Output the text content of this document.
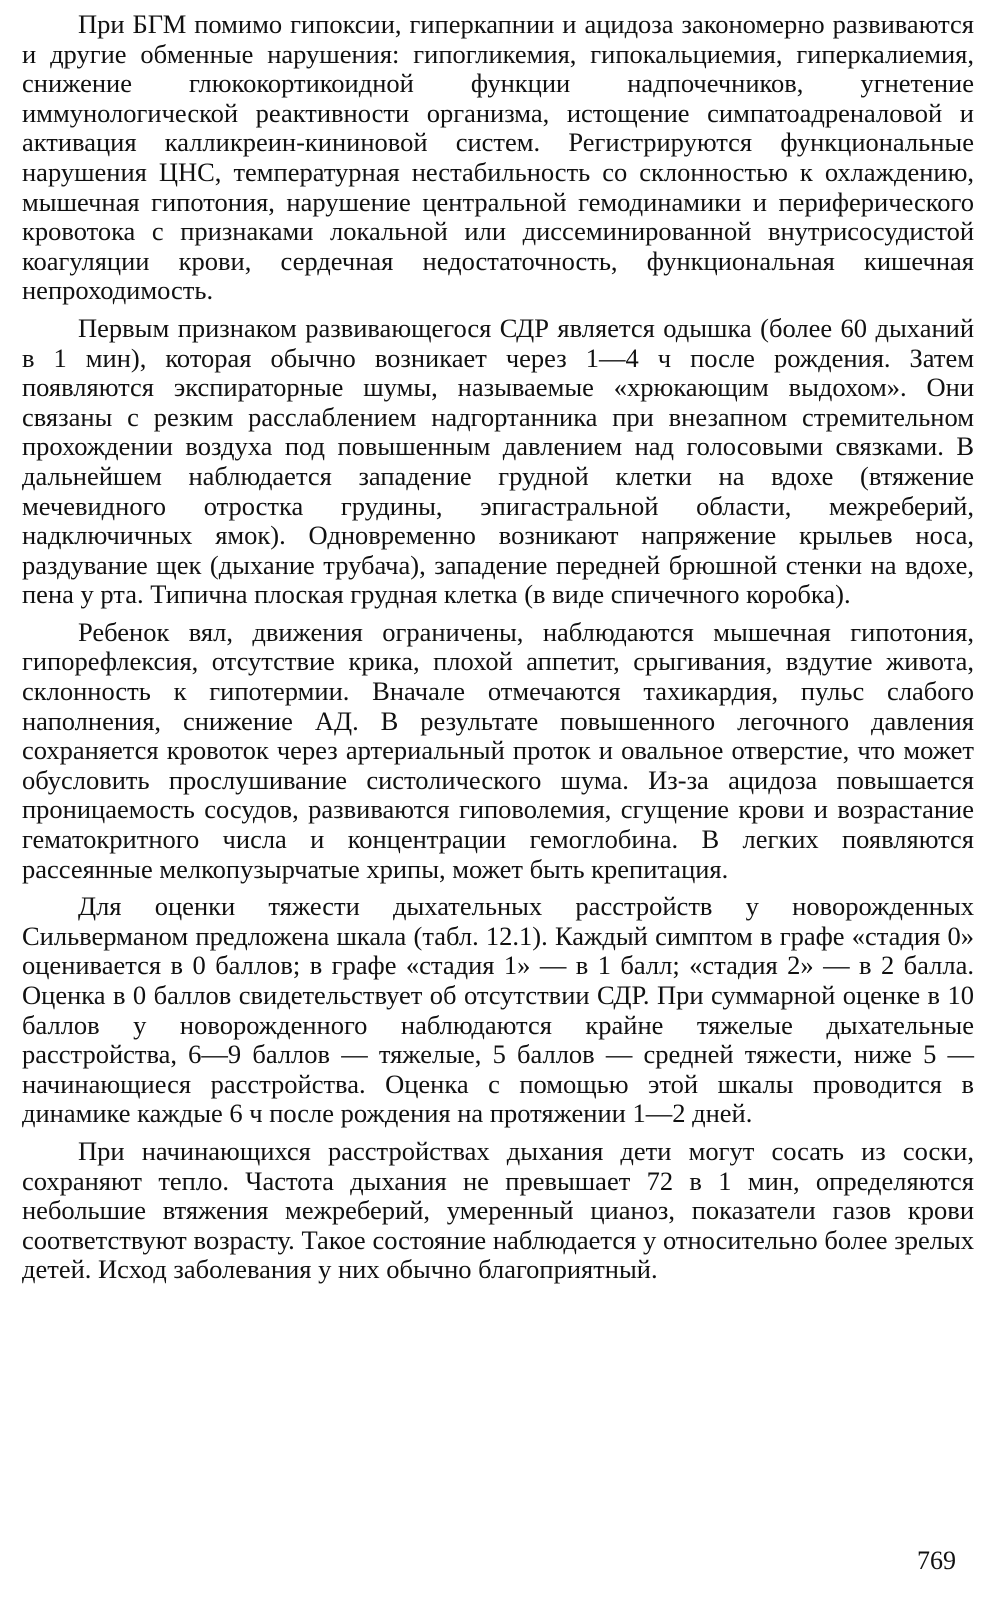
При БГМ помимо гипоксии, гиперкапнии и ацидоза закономерно развиваются и другие обменные нарушения: гипогликемия, гипокальциемия, гиперкалиемия, снижение глюкокортикоидной функции надпочечников, угнетение иммунологической реактивности организма, истощение симпатоадреналовой и активация калликреин-кининовой систем. Регистрируются функциональные нарушения ЦНС, температурная нестабильность со склонностью к охлаждению, мышечная гипотония, нарушение центральной гемодинамики и периферического кровотока с признаками локальной или диссеминированной внутрисосудистой коагуляции крови, сердечная недостаточность, функциональная кишечная непроходимость.

Первым признаком развивающегося СДР является одышка (более 60 дыханий в 1 мин), которая обычно возникает через 1—4 ч после рождения. Затем появляются экспираторные шумы, называемые «хрюкающим выдохом». Они связаны с резким расслаблением надгортанника при внезапном стремительном прохождении воздуха под повышенным давлением над голосовыми связками. В дальнейшем наблюдается западение грудной клетки на вдохе (втяжение мечевидного отростка грудины, эпигастральной области, межреберий, надключичных ямок). Одновременно возникают напряжение крыльев носа, раздувание щек (дыхание трубача), западение передней брюшной стенки на вдохе, пена у рта. Типична плоская грудная клетка (в виде спичечного коробка).

Ребенок вял, движения ограничены, наблюдаются мышечная гипотония, гипорефлексия, отсутствие крика, плохой аппетит, срыгивания, вздутие живота, склонность к гипотермии. Вначале отмечаются тахикардия, пульс слабого наполнения, снижение АД. В результате повышенного легочного давления сохраняется кровоток через артериальный проток и овальное отверстие, что может обусловить прослушивание систолического шума. Из-за ацидоза повышается проницаемость сосудов, развиваются гиповолемия, сгущение крови и возрастание гематокритного числа и концентрации гемоглобина. В легких появляются рассеянные мелкопузырчатые хрипы, может быть крепитация.

Для оценки тяжести дыхательных расстройств у новорожденных Сильверманом предложена шкала (табл. 12.1). Каждый симптом в графе «стадия 0» оценивается в 0 баллов; в графе «стадия 1» — в 1 балл; «стадия 2» — в 2 балла. Оценка в 0 баллов свидетельствует об отсутствии СДР. При суммарной оценке в 10 баллов у новорожденного наблюдаются крайне тяжелые дыхательные расстройства, 6—9 баллов — тяжелые, 5 баллов — средней тяжести, ниже 5 — начинающиеся расстройства. Оценка с помощью этой шкалы проводится в динамике каждые 6 ч после рождения на протяжении 1—2 дней.

При начинающихся расстройствах дыхания дети могут сосать из соски, сохраняют тепло. Частота дыхания не превышает 72 в 1 мин, определяются небольшие втяжения межреберий, умеренный цианоз, показатели газов крови соответствуют возрасту. Такое состояние наблюдается у относительно более зрелых детей. Исход заболевания у них обычно благоприятный.

769
